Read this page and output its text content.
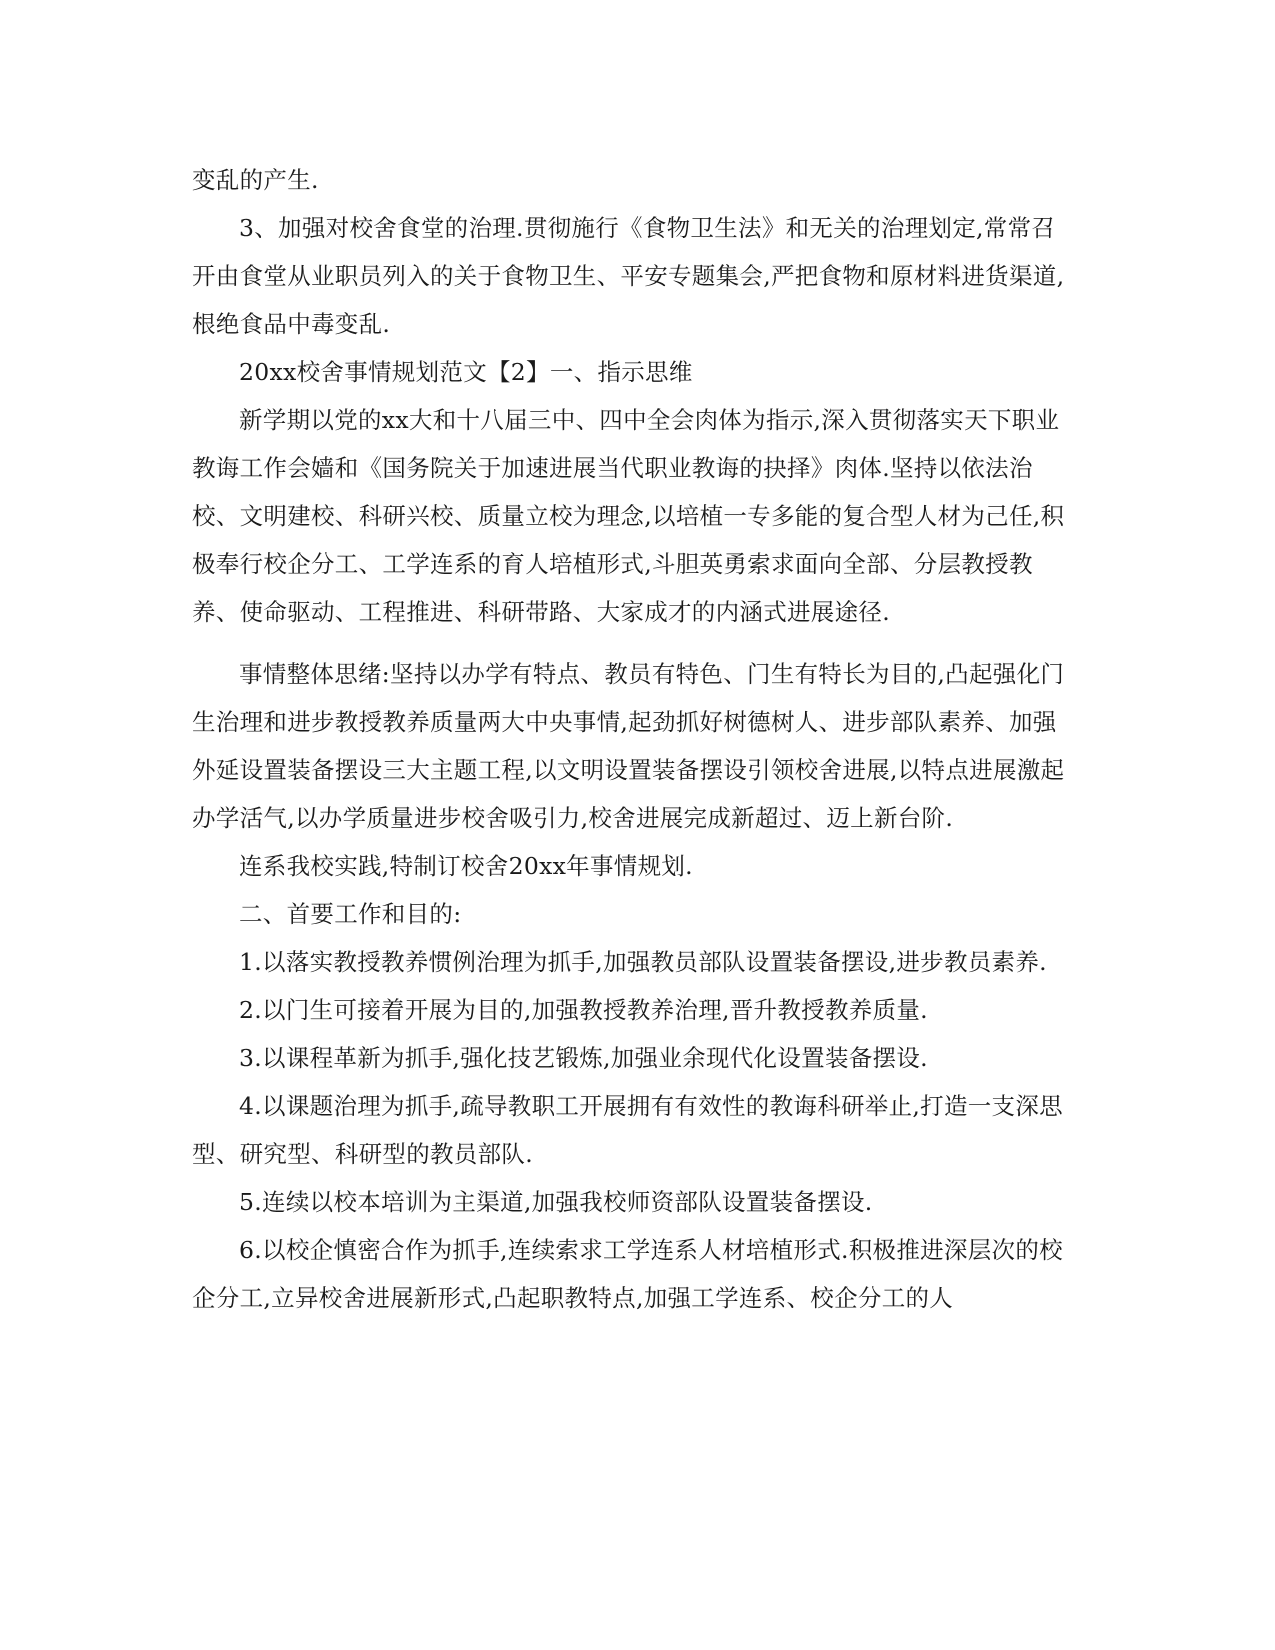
变乱的产生.

3、加强对校舍食堂的治理.贯彻施行《食物卫生法》和无关的治理划定,常常召开由食堂从业职员列入的关于食物卫生、平安专题集会,严把食物和原材料进货渠道,根绝食品中毒变乱.

20xx校舍事情规划范文【2】一、指示思维

新学期以党的xx大和十八届三中、四中全会肉体为指示,深入贯彻落实天下职业教诲工作会嫱和《国务院关于加速进展当代职业教诲的抉择》肉体.坚持以依法治校、文明建校、科研兴校、质量立校为理念,以培植一专多能的复合型人材为己任,积极奉行校企分工、工学连系的育人培植形式,斗胆英勇索求面向全部、分层教授教养、使命驱动、工程推进、科研带路、大家成才的内涵式进展途径.

事情整体思绪:坚持以办学有特点、教员有特色、门生有特长为目的,凸起强化门生治理和进步教授教养质量两大中央事情,起劲抓好树德树人、进步部队素养、加强外延设置装备摆设三大主题工程,以文明设置装备摆设引领校舍进展,以特点进展激起办学活气,以办学质量进步校舍吸引力,校舍进展完成新超过、迈上新台阶.

连系我校实践,特制订校舍20xx年事情规划.

二、首要工作和目的:

1.以落实教授教养惯例治理为抓手,加强教员部队设置装备摆设,进步教员素养.

2.以门生可接着开展为目的,加强教授教养治理,晋升教授教养质量.

3.以课程革新为抓手,强化技艺锻炼,加强业余现代化设置装备摆设.

4.以课题治理为抓手,疏导教职工开展拥有有效性的教诲科研举止,打造一支深思型、研究型、科研型的教员部队.

5.连续以校本培训为主渠道,加强我校师资部队设置装备摆设.

6.以校企慎密合作为抓手,连续索求工学连系人材培植形式.积极推进深层次的校企分工,立异校舍进展新形式,凸起职教特点,加强工学连系、校企分工的人
